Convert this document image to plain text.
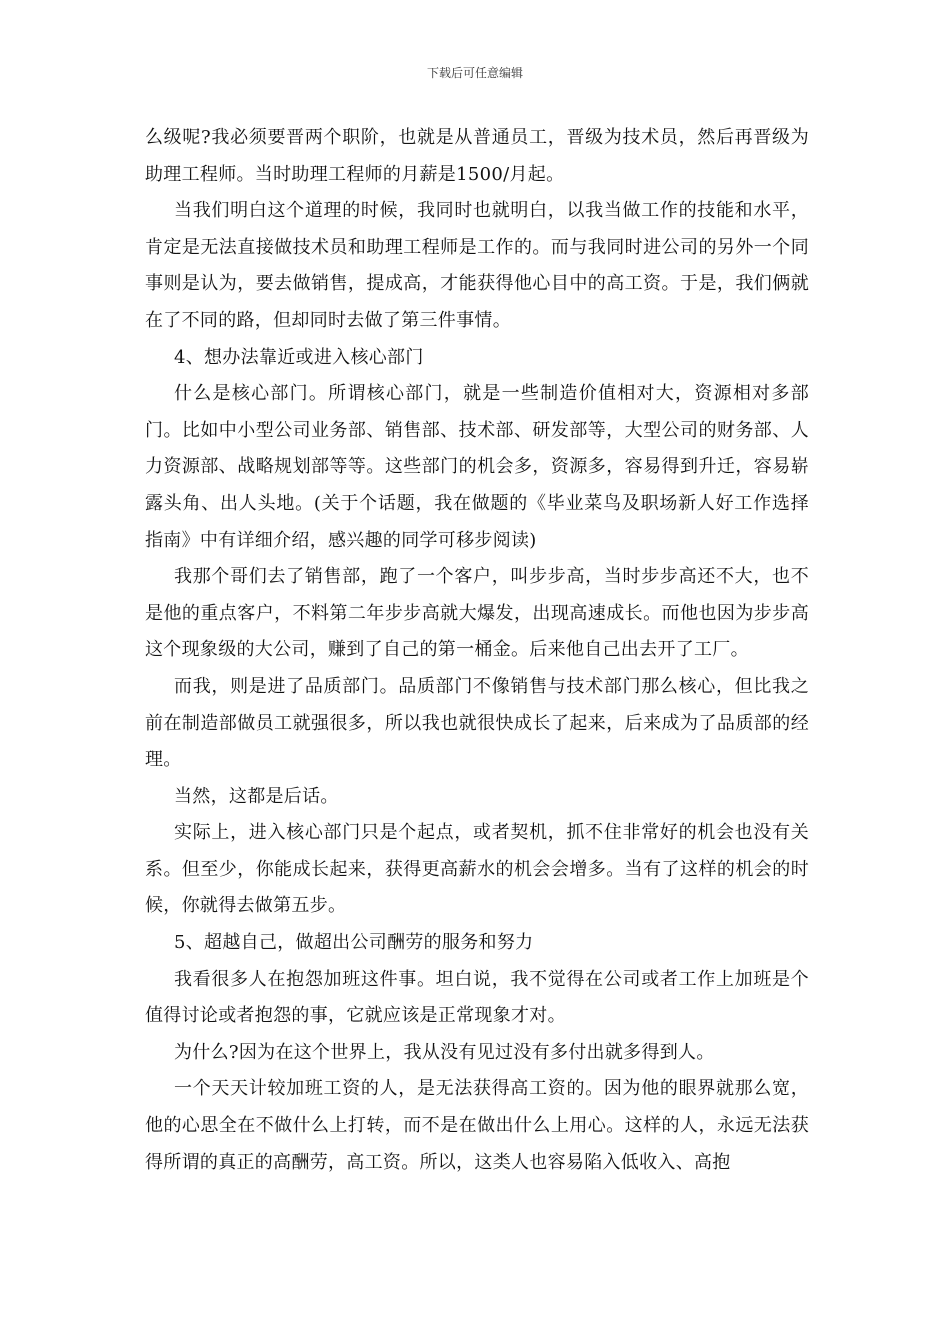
下载后可任意编辑

么级呢?我必须要晋两个职阶，也就是从普通员工，晋级为技术员，然后再晋级为助理工程师。当时助理工程师的月薪是1500/月起。

当我们明白这个道理的时候，我同时也就明白，以我当做工作的技能和水平，肯定是无法直接做技术员和助理工程师是工作的。而与我同时进公司的另外一个同事则是认为，要去做销售，提成高，才能获得他心目中的高工资。于是，我们俩就在了不同的路，但却同时去做了第三件事情。

4、想办法靠近或进入核心部门

什么是核心部门。所谓核心部门，就是一些制造价值相对大，资源相对多部门。比如中小型公司业务部、销售部、技术部、研发部等，大型公司的财务部、人力资源部、战略规划部等等。这些部门的机会多，资源多，容易得到升迁，容易崭露头角、出人头地。(关于个话题，我在做题的《毕业菜鸟及职场新人好工作选择指南》中有详细介绍，感兴趣的同学可移步阅读)

我那个哥们去了销售部，跑了一个客户，叫步步高，当时步步高还不大，也不是他的重点客户，不料第二年步步高就大爆发，出现高速成长。而他也因为步步高这个现象级的大公司，赚到了自己的第一桶金。后来他自己出去开了工厂。

而我，则是进了品质部门。品质部门不像销售与技术部门那么核心，但比我之前在制造部做员工就强很多，所以我也就很快成长了起来，后来成为了品质部的经理。

当然，这都是后话。

实际上，进入核心部门只是个起点，或者契机，抓不住非常好的机会也没有关系。但至少，你能成长起来，获得更高薪水的机会会增多。当有了这样的机会的时候，你就得去做第五步。

5、超越自己，做超出公司酬劳的服务和努力

我看很多人在抱怨加班这件事。坦白说，我不觉得在公司或者工作上加班是个值得讨论或者抱怨的事，它就应该是正常现象才对。

为什么?因为在这个世界上，我从没有见过没有多付出就多得到人。

一个天天计较加班工资的人，是无法获得高工资的。因为他的眼界就那么宽，他的心思全在不做什么上打转，而不是在做出什么上用心。这样的人，永远无法获得所谓的真正的高酬劳，高工资。所以，这类人也容易陷入低收入、高抱
